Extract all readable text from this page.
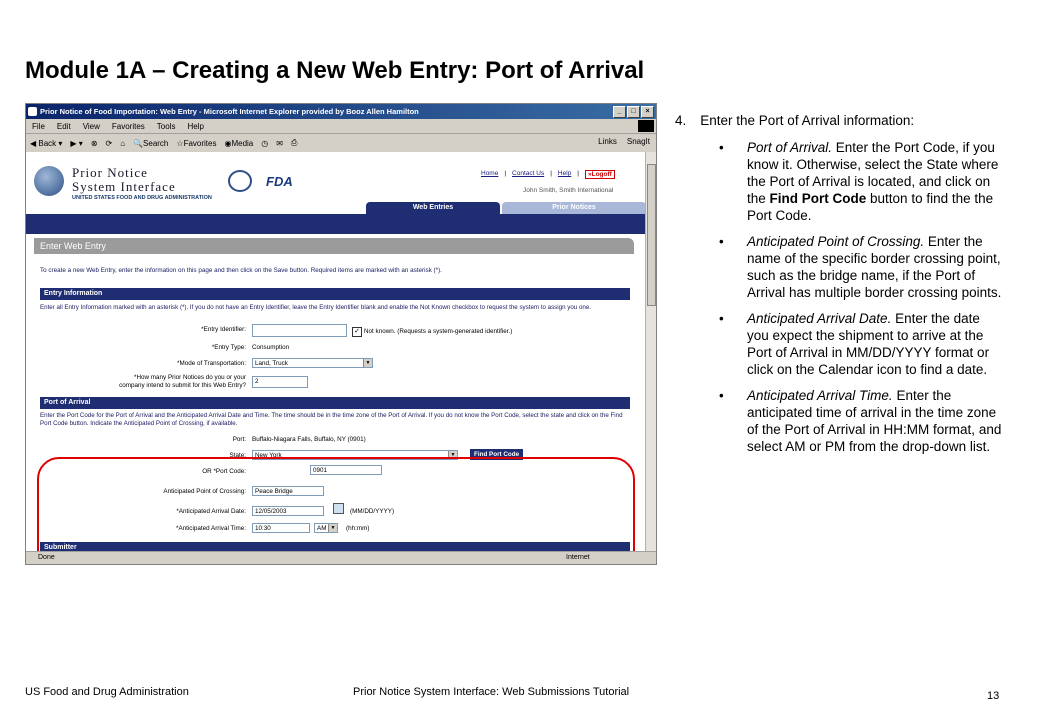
Module 1A – Creating a New Web Entry: Port of Arrival
Prior Notice of Food Importation: Web Entry - Microsoft Internet Explorer provided by Booz Allen Hamilton	_	□	×
File Edit View Favorites Tools Help
◀ Back ▾ ▶ ▾ ⊗ ⟳ ⌂ 🔍Search ☆Favorites ◉Media ◷ ✉ ⎙	Links SnagIt
Prior Notice
System Interface
UNITED STATES FOOD AND DRUG ADMINISTRATION
FDA
Home | Contact Us | Help |	»Logoff
John Smith, Smith International
Web Entries	Prior Notices
Enter Web Entry
To create a new Web Entry, enter the information on this page and then click on the Save button. Required items are marked with an asterisk (*).
Entry Information
Enter all Entry Information marked with an asterisk (*). If you do not have an Entry Identifier, leave the Entry Identifier blank and enable the Not Known checkbox to request the system to assign you one.
*Entry Identifier:	✓ Not known. (Requests a system-generated identifier.)
*Entry Type: Consumption
*Mode of Transportation:	Land, Truck	▼
*How many Prior Notices do you or your
company intend to submit for this Web Entry?
2
Port of Arrival
Enter the Port Code for the Port of Arrival and the Anticipated Arrival Date and Time. The time should be in the time zone of the Port of Arrival. If you do not know the Port Code, select the state and click on the Find Port Code button. Indicate the Anticipated Point of Crossing, if available.
Port: Buffalo-Niagara Falls, Buffalo, NY (0901)
State:	New York	▼	Find Port Code
OR *Port Code:	0901
Anticipated Point of Crossing:	Peace Bridge
*Anticipated Arrival Date:	12/05/2003	(MM/DD/YYYY)
*Anticipated Arrival Time:	10:30	AM ▼ (hh:mm)
Submitter
Done	Internet
4. Enter the Port of Arrival information:
• Port of Arrival. Enter the Port Code, if you know it. Otherwise, select the State where the Port of Arrival is located, and click on the Find Port Code button to find the the Port Code.
• Anticipated Point of Crossing. Enter the name of the specific border crossing point, such as the bridge name, if the Port of Arrival has multiple border crossing points.
• Anticipated Arrival Date. Enter the date you expect the shipment to arrive at the Port of Arrival in MM/DD/YYYY format or click on the Calendar icon to find a date.
• Anticipated Arrival Time. Enter the anticipated time of arrival in the time zone of the Port of Arrival in HH:MM format, and select AM or PM from the drop-down list.
US Food and Drug Administration	Prior Notice System Interface: Web Submissions Tutorial	13
